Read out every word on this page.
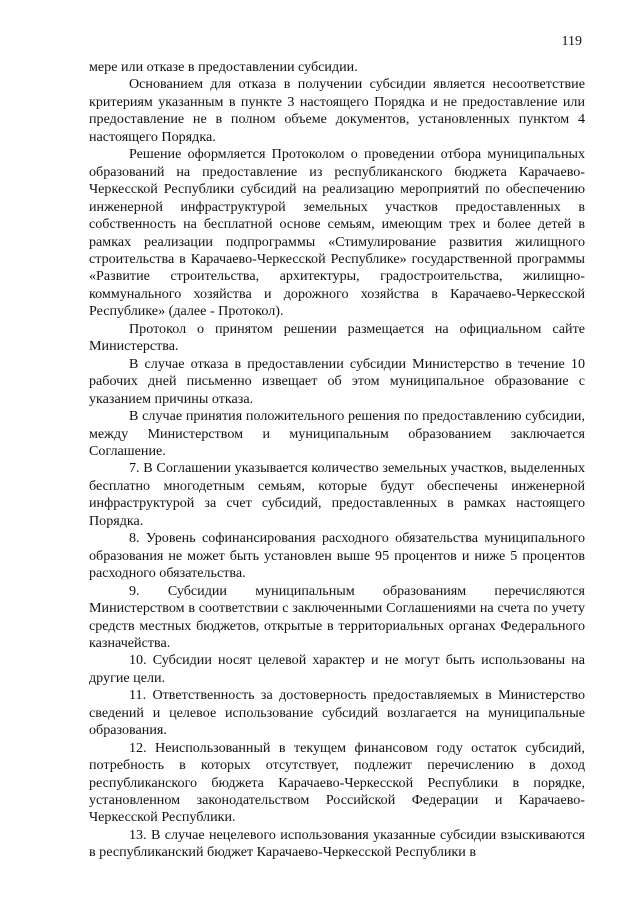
119

мере или отказе в предоставлении субсидии.

Основанием для отказа в получении субсидии является несоответствие критериям указанным в пункте 3 настоящего Порядка и не предоставление или предоставление не в полном объеме документов, установленных пунктом 4 настоящего Порядка.

Решение оформляется Протоколом о проведении отбора муниципальных образований на предоставление из республиканского бюджета Карачаево-Черкесской Республики субсидий на реализацию мероприятий по обеспечению инженерной инфраструктурой земельных участков предоставленных в собственность на бесплатной основе семьям, имеющим трех и более детей в рамках реализации подпрограммы «Стимулирование развития жилищного строительства в Карачаево-Черкесской Республике» государственной программы «Развитие строительства, архитектуры, градостроительства, жилищно-коммунального хозяйства и дорожного хозяйства в Карачаево-Черкесской Республике» (далее - Протокол).

Протокол о принятом решении размещается на официальном сайте Министерства.

В случае отказа в предоставлении субсидии Министерство в течение 10 рабочих дней письменно извещает об этом муниципальное образование с указанием причины отказа.

В случае принятия положительного решения по предоставлению субсидии, между Министерством и муниципальным образованием заключается Соглашение.

7. В Соглашении указывается количество земельных участков, выделенных бесплатно многодетным семьям, которые будут обеспечены инженерной инфраструктурой за счет субсидий, предоставленных в рамках настоящего Порядка.

8. Уровень софинансирования расходного обязательства муниципального образования не может быть установлен выше 95 процентов и ниже 5 процентов расходного обязательства.

9. Субсидии муниципальным образованиям перечисляются Министерством в соответствии с заключенными Соглашениями на счета по учету средств местных бюджетов, открытые в территориальных органах Федерального казначейства.

10. Субсидии носят целевой характер и не могут быть использованы на другие цели.

11. Ответственность за достоверность предоставляемых в Министерство сведений и целевое использование субсидий возлагается на муниципальные образования.

12. Неиспользованный в текущем финансовом году остаток субсидий, потребность в которых отсутствует, подлежит перечислению в доход республиканского бюджета Карачаево-Черкесской Республики в порядке, установленном законодательством Российской Федерации и Карачаево-Черкесской Республики.

13. В случае нецелевого использования указанные субсидии взыскиваются в республиканский бюджет Карачаево-Черкесской Республики в
